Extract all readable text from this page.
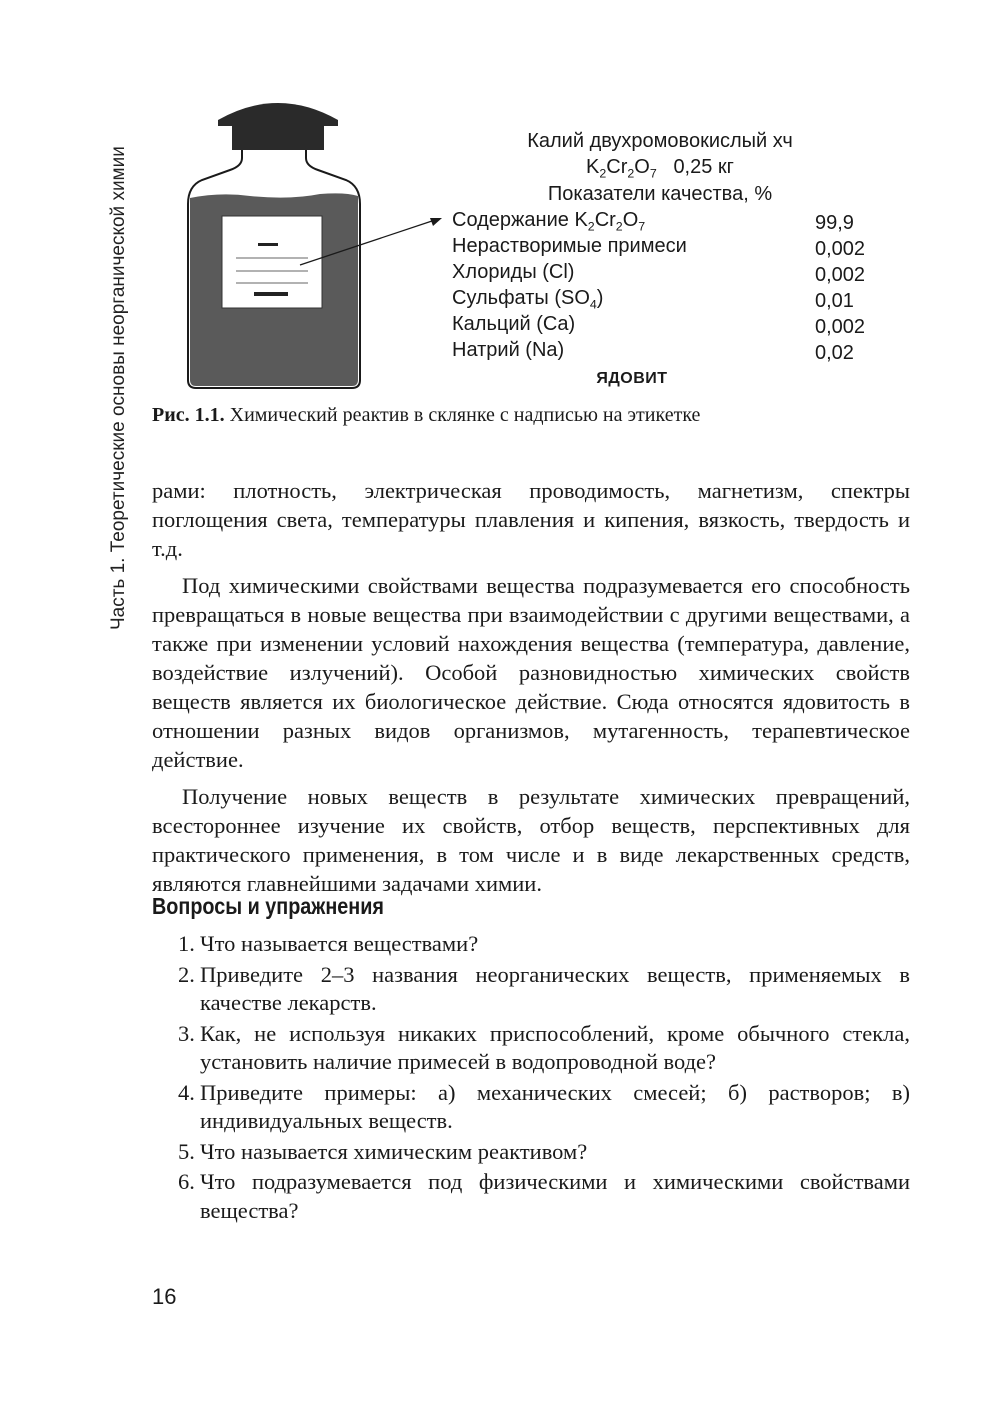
Часть 1. Теоретические основы неорганической химии
Калий двухромовокислый хч
$K_2Cr_2O_7$ 0,25 кг
Показатели качества, %
Содержание $K_2Cr_2O_7$	99,9
Нерастворимые примеси	0,002
Хлориды (Cl)	0,002
Сульфаты $(SO_4)$	0,01
Кальций (Ca)	0,002
Натрий (Na)	0,02
ЯДОВИТ
Рис. 1.1. Химический реактив в склянке с надписью на этикетке

рами: плотность, электрическая проводимость, магнетизм, спектры поглощения света, температуры плавления и кипения, вязкость, твердость и т.д.

Под химическими свойствами вещества подразумевается его способность превращаться в новые вещества при взаимодействии с другими веществами, а также при изменении условий нахождения вещества (температура, давление, воздействие излучений). Особой разновидностью химических свойств веществ является их биологическое действие. Сюда относятся ядовитость в отношении разных видов организмов, мутагенность, терапевтическое действие.

Получение новых веществ в результате химических превращений, всестороннее изучение их свойств, отбор веществ, перспективных для практического применения, в том числе и в виде лекарственных средств, являются главнейшими задачами химии.

Вопросы и упражнения
1. Что называется веществами?
2. Приведите 2–3 названия неорганических веществ, применяемых в качестве лекарств.
3. Как, не используя никаких приспособлений, кроме обычного стекла, установить наличие примесей в водопроводной воде?
4. Приведите примеры: а) механических смесей; б) растворов; в) индивидуальных веществ.
5. Что называется химическим реактивом?
6. Что подразумевается под физическими и химическими свойствами вещества?
16
